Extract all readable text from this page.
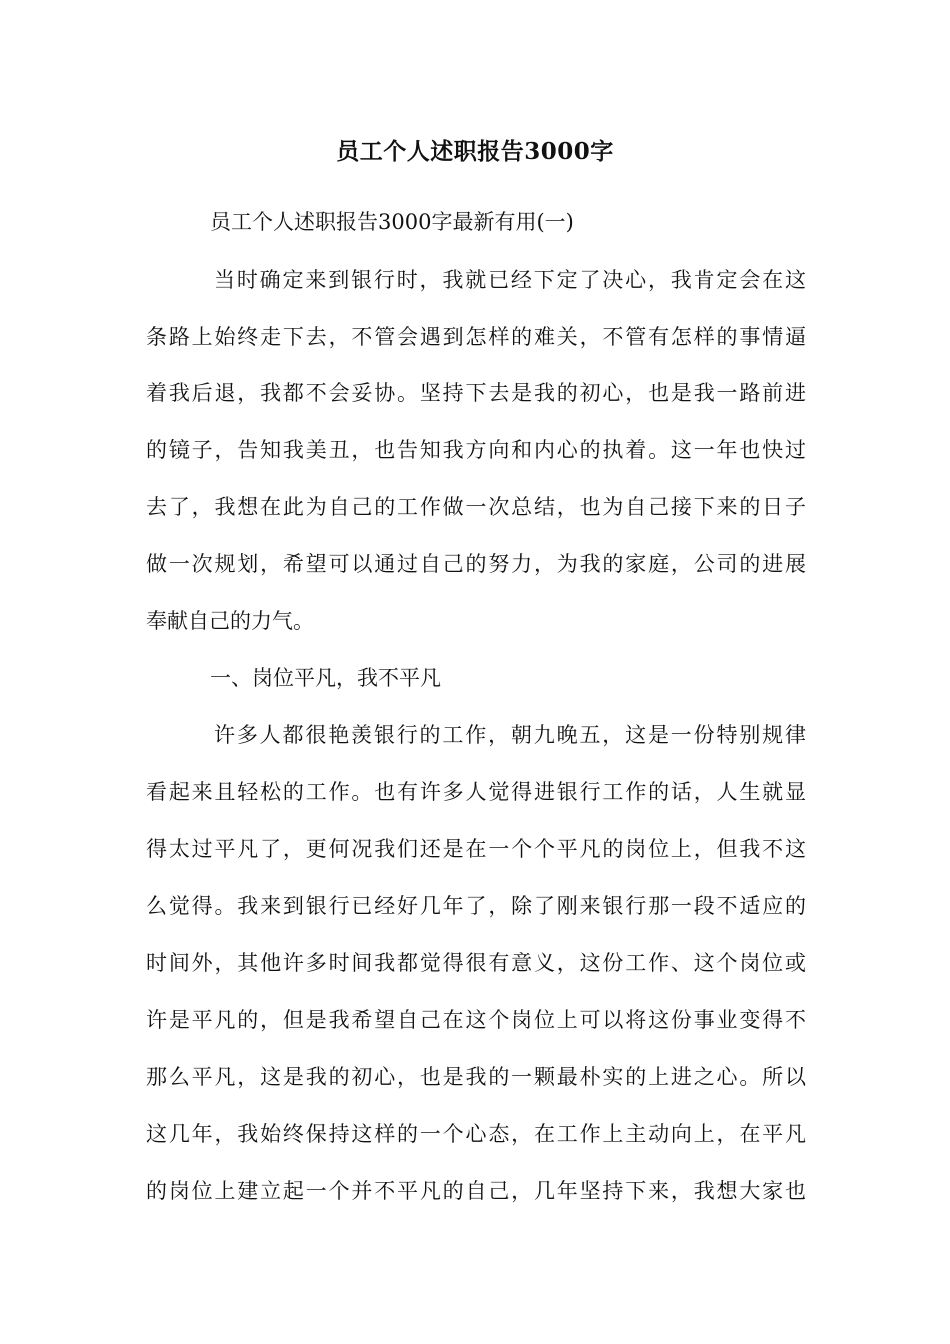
员工个人述职报告3000字
员工个人述职报告3000字最新有用(一)
当时确定来到银行时，我就已经下定了决心，我肯定会在这
条路上始终走下去，不管会遇到怎样的难关，不管有怎样的事情逼
着我后退，我都不会妥协。坚持下去是我的初心，也是我一路前进
的镜子，告知我美丑，也告知我方向和内心的执着。这一年也快过
去了，我想在此为自己的工作做一次总结，也为自己接下来的日子
做一次规划，希望可以通过自己的努力，为我的家庭，公司的进展
奉献自己的力气。
一、岗位平凡，我不平凡
许多人都很艳羡银行的工作，朝九晚五，这是一份特别规律
看起来且轻松的工作。也有许多人觉得进银行工作的话，人生就显
得太过平凡了，更何况我们还是在一个个平凡的岗位上，但我不这
么觉得。我来到银行已经好几年了，除了刚来银行那一段不适应的
时间外，其他许多时间我都觉得很有意义，这份工作、这个岗位或
许是平凡的，但是我希望自己在这个岗位上可以将这份事业变得不
那么平凡，这是我的初心，也是我的一颗最朴实的上进之心。所以
这几年，我始终保持这样的一个心态，在工作上主动向上，在平凡
的岗位上建立起一个并不平凡的自己，几年坚持下来，我想大家也
